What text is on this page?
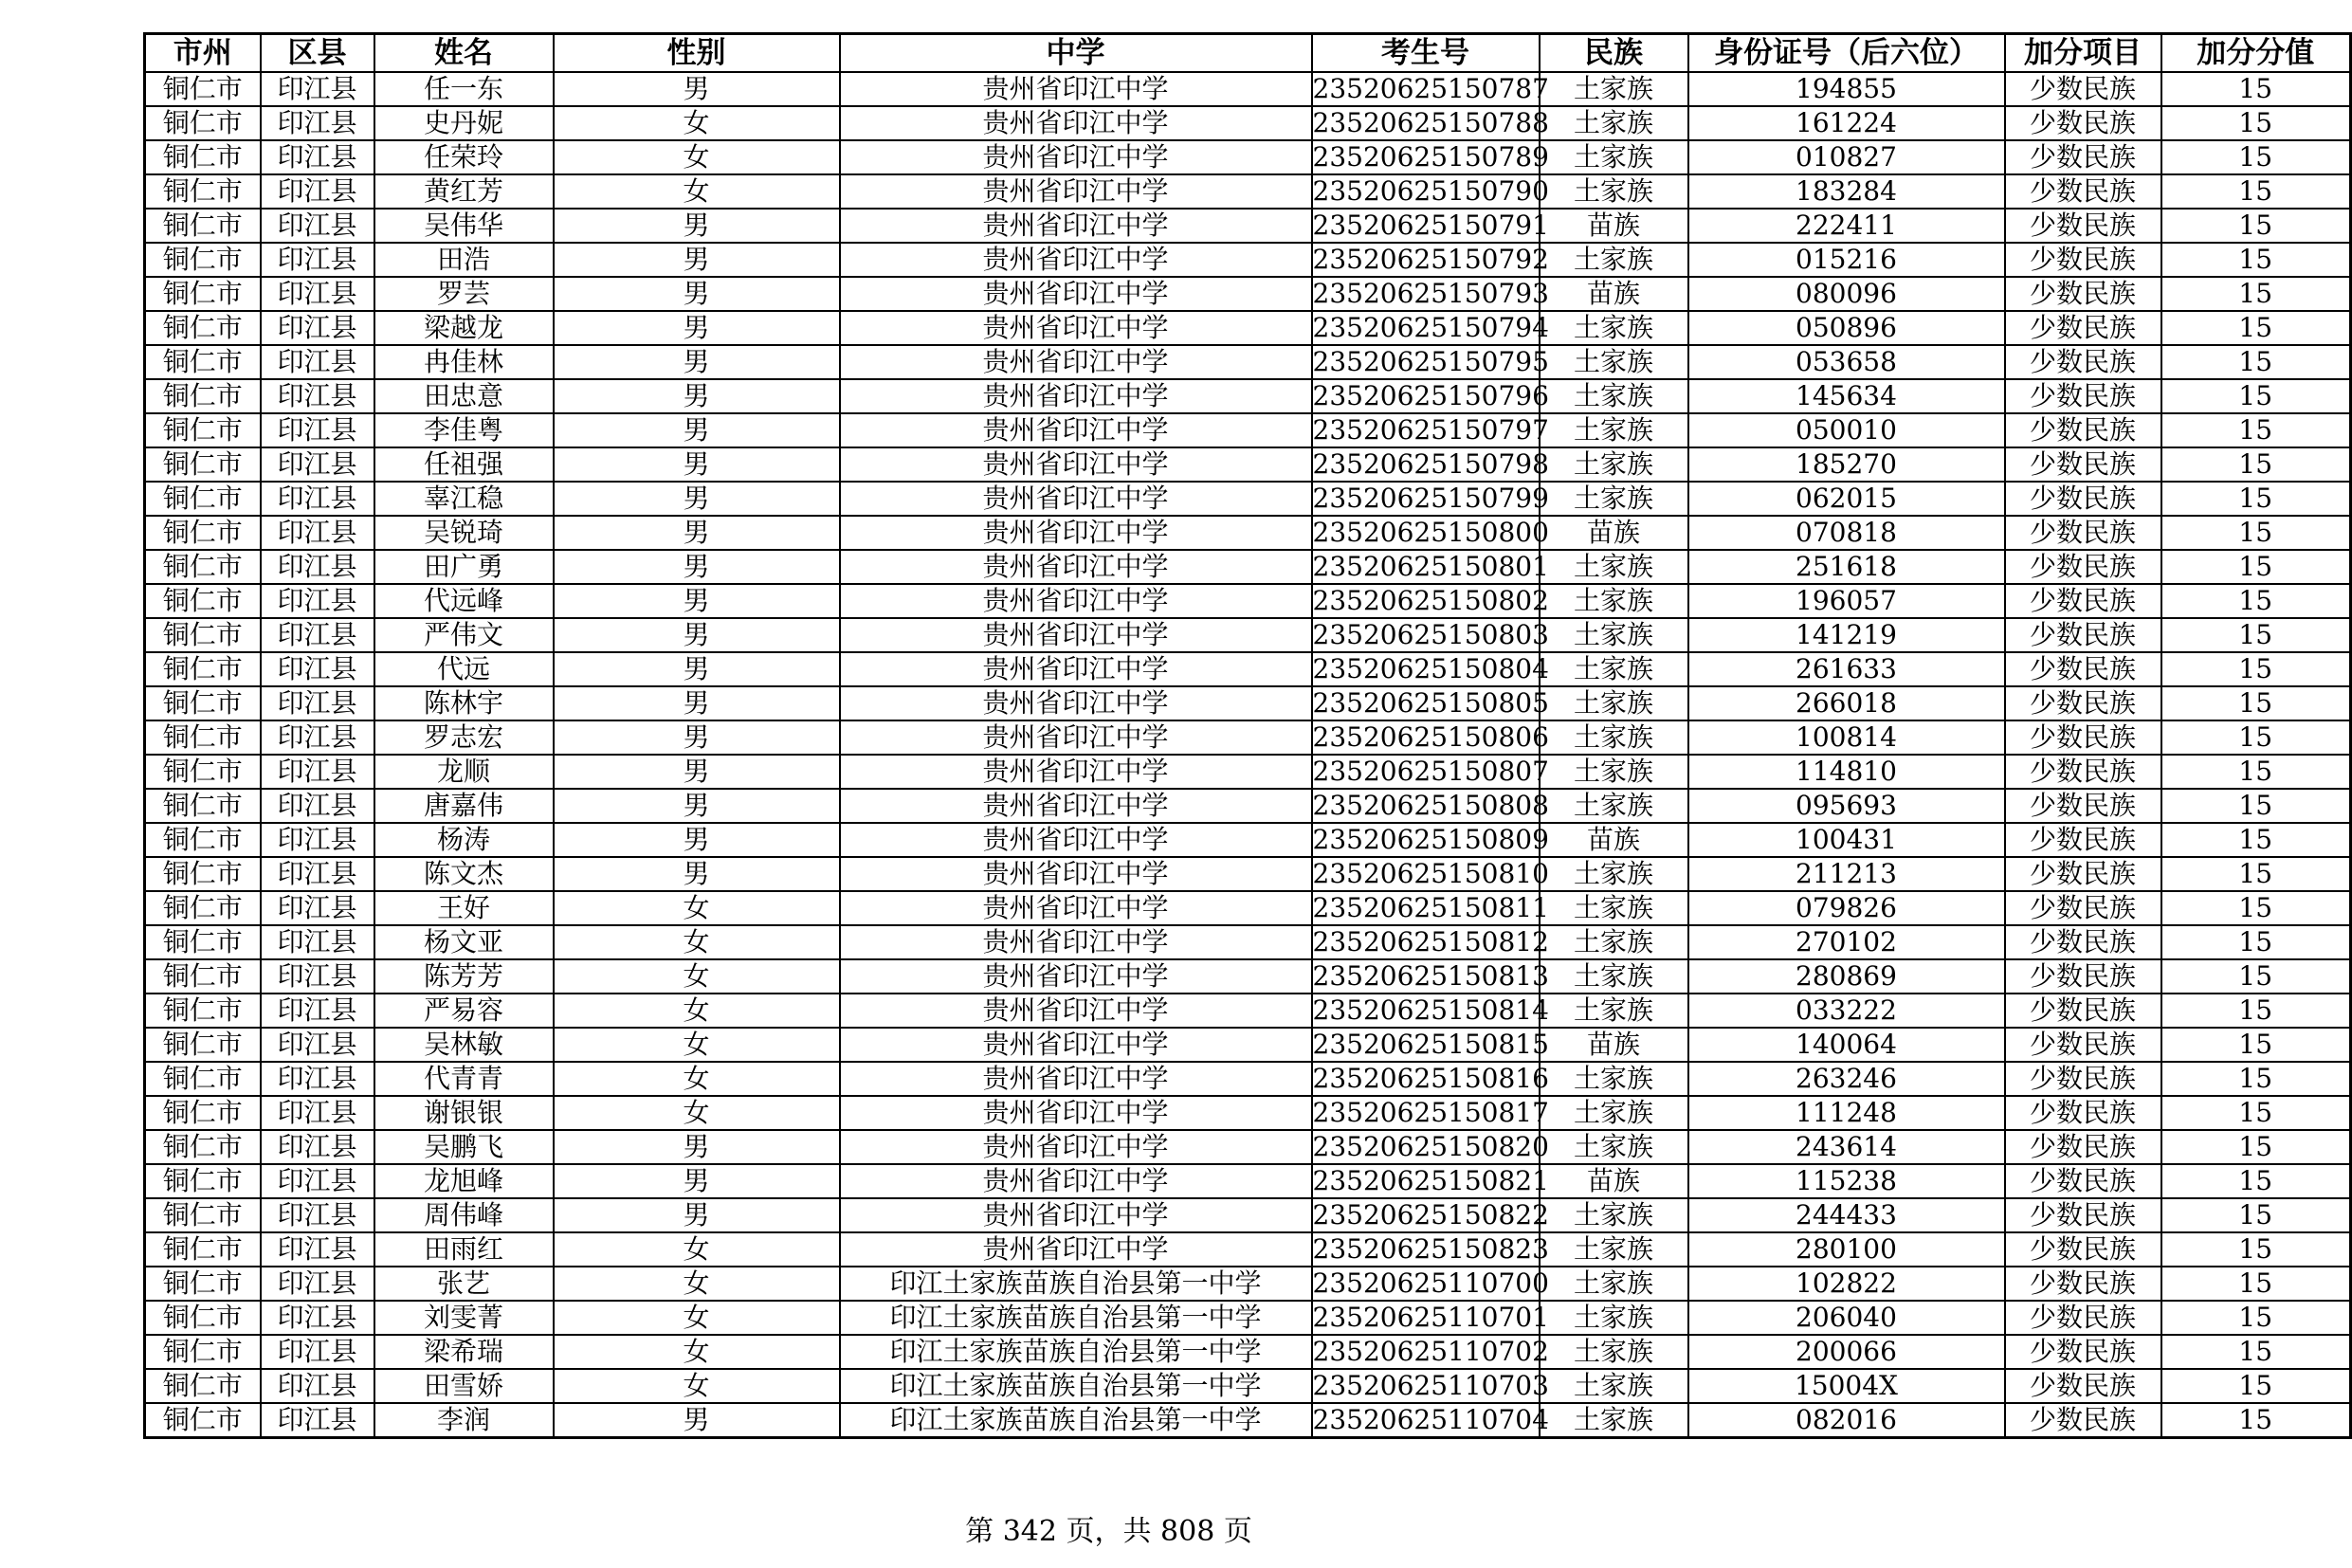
市州	区县	姓名	性别	中学	考生号	民族	身份证号（后六位）	加分项目	加分分值
铜仁市	印江县	任一东	男	贵州省印江中学	23520625150787	土家族	194855	少数民族	15
铜仁市	印江县	史丹妮	女	贵州省印江中学	23520625150788	土家族	161224	少数民族	15
铜仁市	印江县	任荣玲	女	贵州省印江中学	23520625150789	土家族	010827	少数民族	15
铜仁市	印江县	黄红芳	女	贵州省印江中学	23520625150790	土家族	183284	少数民族	15
铜仁市	印江县	吴伟华	男	贵州省印江中学	23520625150791	苗族	222411	少数民族	15
铜仁市	印江县	田浩	男	贵州省印江中学	23520625150792	土家族	015216	少数民族	15
铜仁市	印江县	罗芸	男	贵州省印江中学	23520625150793	苗族	080096	少数民族	15
铜仁市	印江县	梁越龙	男	贵州省印江中学	23520625150794	土家族	050896	少数民族	15
铜仁市	印江县	冉佳林	男	贵州省印江中学	23520625150795	土家族	053658	少数民族	15
铜仁市	印江县	田忠意	男	贵州省印江中学	23520625150796	土家族	145634	少数民族	15
铜仁市	印江县	李佳粤	男	贵州省印江中学	23520625150797	土家族	050010	少数民族	15
铜仁市	印江县	任祖强	男	贵州省印江中学	23520625150798	土家族	185270	少数民族	15
铜仁市	印江县	辜江稳	男	贵州省印江中学	23520625150799	土家族	062015	少数民族	15
铜仁市	印江县	吴锐琦	男	贵州省印江中学	23520625150800	苗族	070818	少数民族	15
铜仁市	印江县	田广勇	男	贵州省印江中学	23520625150801	土家族	251618	少数民族	15
铜仁市	印江县	代远峰	男	贵州省印江中学	23520625150802	土家族	196057	少数民族	15
铜仁市	印江县	严伟文	男	贵州省印江中学	23520625150803	土家族	141219	少数民族	15
铜仁市	印江县	代远	男	贵州省印江中学	23520625150804	土家族	261633	少数民族	15
铜仁市	印江县	陈林宇	男	贵州省印江中学	23520625150805	土家族	266018	少数民族	15
铜仁市	印江县	罗志宏	男	贵州省印江中学	23520625150806	土家族	100814	少数民族	15
铜仁市	印江县	龙顺	男	贵州省印江中学	23520625150807	土家族	114810	少数民族	15
铜仁市	印江县	唐嘉伟	男	贵州省印江中学	23520625150808	土家族	095693	少数民族	15
铜仁市	印江县	杨涛	男	贵州省印江中学	23520625150809	苗族	100431	少数民族	15
铜仁市	印江县	陈文杰	男	贵州省印江中学	23520625150810	土家族	211213	少数民族	15
铜仁市	印江县	王好	女	贵州省印江中学	23520625150811	土家族	079826	少数民族	15
铜仁市	印江县	杨文亚	女	贵州省印江中学	23520625150812	土家族	270102	少数民族	15
铜仁市	印江县	陈芳芳	女	贵州省印江中学	23520625150813	土家族	280869	少数民族	15
铜仁市	印江县	严易容	女	贵州省印江中学	23520625150814	土家族	033222	少数民族	15
铜仁市	印江县	吴林敏	女	贵州省印江中学	23520625150815	苗族	140064	少数民族	15
铜仁市	印江县	代青青	女	贵州省印江中学	23520625150816	土家族	263246	少数民族	15
铜仁市	印江县	谢银银	女	贵州省印江中学	23520625150817	土家族	111248	少数民族	15
铜仁市	印江县	吴鹏飞	男	贵州省印江中学	23520625150820	土家族	243614	少数民族	15
铜仁市	印江县	龙旭峰	男	贵州省印江中学	23520625150821	苗族	115238	少数民族	15
铜仁市	印江县	周伟峰	男	贵州省印江中学	23520625150822	土家族	244433	少数民族	15
铜仁市	印江县	田雨红	女	贵州省印江中学	23520625150823	土家族	280100	少数民族	15
铜仁市	印江县	张艺	女	印江土家族苗族自治县第一中学	23520625110700	土家族	102822	少数民族	15
铜仁市	印江县	刘雯菁	女	印江土家族苗族自治县第一中学	23520625110701	土家族	206040	少数民族	15
铜仁市	印江县	梁希瑞	女	印江土家族苗族自治县第一中学	23520625110702	土家族	200066	少数民族	15
铜仁市	印江县	田雪娇	女	印江土家族苗族自治县第一中学	23520625110703	土家族	15004X	少数民族	15
铜仁市	印江县	李润	男	印江土家族苗族自治县第一中学	23520625110704	土家族	082016	少数民族	15
第 342 页，共 808 页
